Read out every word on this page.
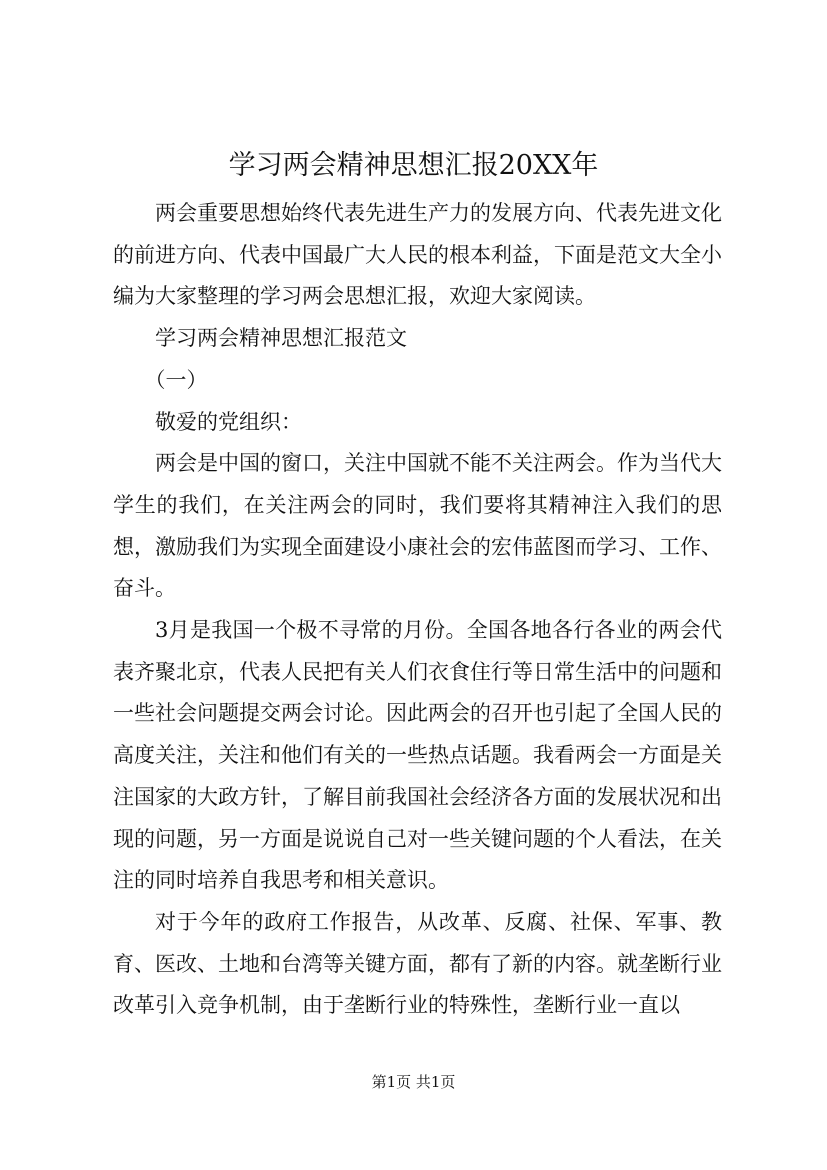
学习两会精神思想汇报20XX年

两会重要思想始终代表先进生产力的发展方向、代表先进文化的前进方向、代表中国最广大人民的根本利益，下面是范文大全小编为大家整理的学习两会思想汇报，欢迎大家阅读。

学习两会精神思想汇报范文

（一）

敬爱的党组织：

两会是中国的窗口，关注中国就不能不关注两会。作为当代大学生的我们，在关注两会的同时，我们要将其精神注入我们的思想，激励我们为实现全面建设小康社会的宏伟蓝图而学习、工作、奋斗。

3月是我国一个极不寻常的月份。全国各地各行各业的两会代表齐聚北京，代表人民把有关人们衣食住行等日常生活中的问题和一些社会问题提交两会讨论。因此两会的召开也引起了全国人民的高度关注，关注和他们有关的一些热点话题。我看两会一方面是关注国家的大政方针，了解目前我国社会经济各方面的发展状况和出现的问题，另一方面是说说自己对一些关键问题的个人看法，在关注的同时培养自我思考和相关意识。

对于今年的政府工作报告，从改革、反腐、社保、军事、教育、医改、土地和台湾等关键方面，都有了新的内容。就垄断行业改革引入竞争机制，由于垄断行业的特殊性，垄断行业一直以

第1页 共1页
